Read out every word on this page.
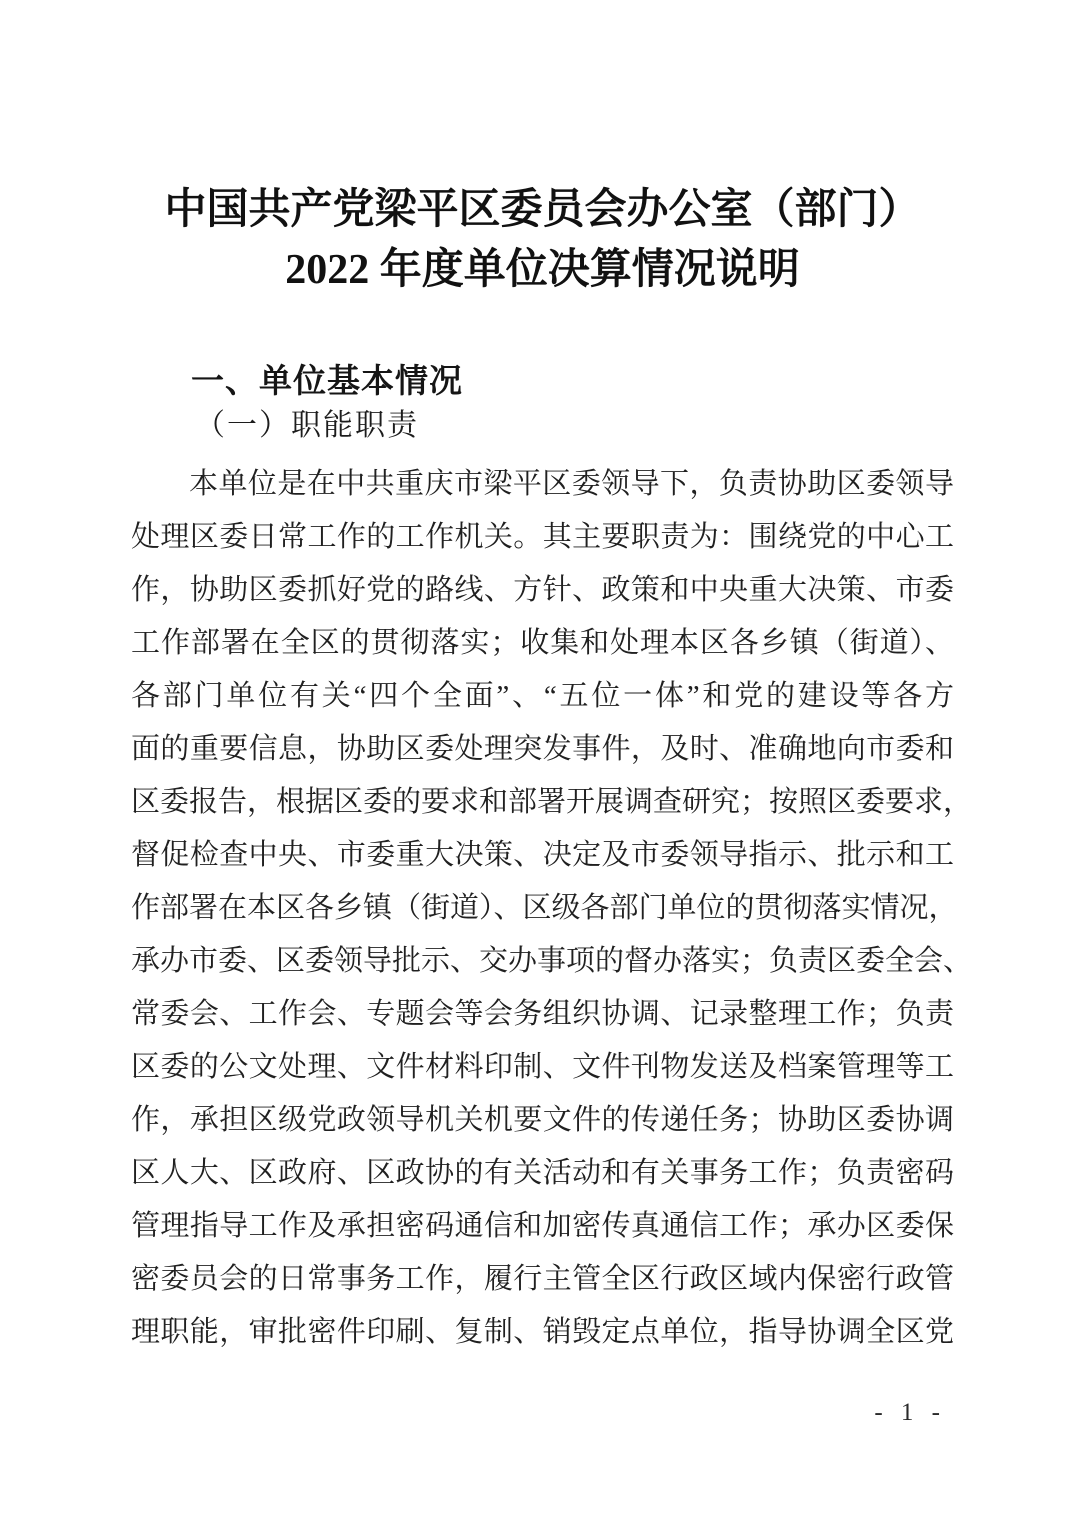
中国共产党梁平区委员会办公室（部门）
2022 年度单位决算情况说明
一、单位基本情况
（一）职能职责
本单位是在中共重庆市梁平区委领导下，负责协助区委领导
处理区委日常工作的工作机关。其主要职责为：围绕党的中心工
作，协助区委抓好党的路线、方针、政策和中央重大决策、市委
工作部署在全区的贯彻落实；收集和处理本区各乡镇（街道）、
各部门单位有关“四个全面”、“五位一体”和党的建设等各方
面的重要信息，协助区委处理突发事件，及时、准确地向市委和
区委报告，根据区委的要求和部署开展调查研究；按照区委要求，
督促检查中央、市委重大决策、决定及市委领导指示、批示和工
作部署在本区各乡镇（街道）、区级各部门单位的贯彻落实情况，
承办市委、区委领导批示、交办事项的督办落实；负责区委全会、
常委会、工作会、专题会等会务组织协调、记录整理工作；负责
区委的公文处理、文件材料印制、文件刊物发送及档案管理等工
作，承担区级党政领导机关机要文件的传递任务；协助区委协调
区人大、区政府、区政协的有关活动和有关事务工作；负责密码
管理指导工作及承担密码通信和加密传真通信工作；承办区委保
密委员会的日常事务工作，履行主管全区行政区域内保密行政管
理职能，审批密件印刷、复制、销毁定点单位，指导协调全区党
- 1 -
